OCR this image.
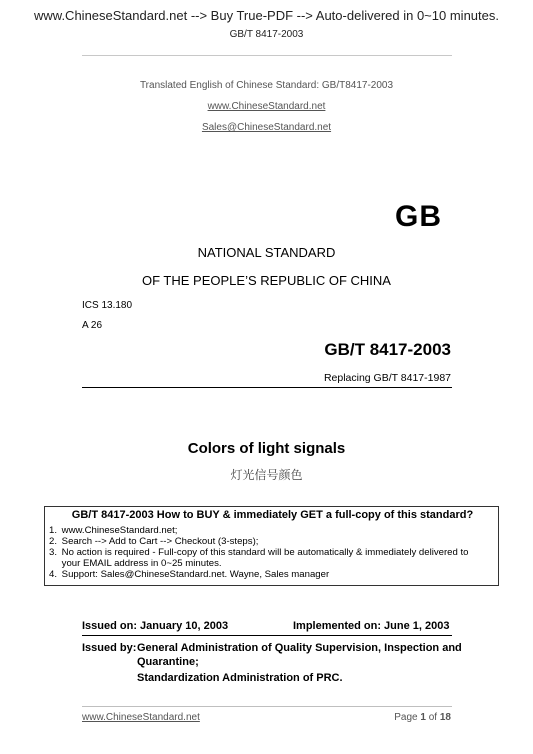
www.ChineseStandard.net --> Buy True-PDF --> Auto-delivered in 0~10 minutes.
GB/T 8417-2003
Translated English of Chinese Standard: GB/T8417-2003
www.ChineseStandard.net
Sales@ChineseStandard.net
GB
NATIONAL STANDARD
OF THE PEOPLE’S REPUBLIC OF CHINA
ICS 13.180
A 26
GB/T 8417-2003
Replacing GB/T 8417-1987
Colors of light signals
灯光信号颜色
GB/T 8417-2003 How to BUY & immediately GET a full-copy of this standard?
1. www.ChineseStandard.net;
2. Search --> Add to Cart --> Checkout (3-steps);
3. No action is required - Full-copy of this standard will be automatically & immediately delivered to
your EMAIL address in 0~25 minutes.
4. Support: Sales@ChineseStandard.net. Wayne, Sales manager
Issued on: January 10, 2003	Implemented on: June 1, 2003
Issued by: General Administration of Quality Supervision, Inspection and
Quarantine;
Standardization Administration of PRC.
www.ChineseStandard.net	Page 1 of 18
